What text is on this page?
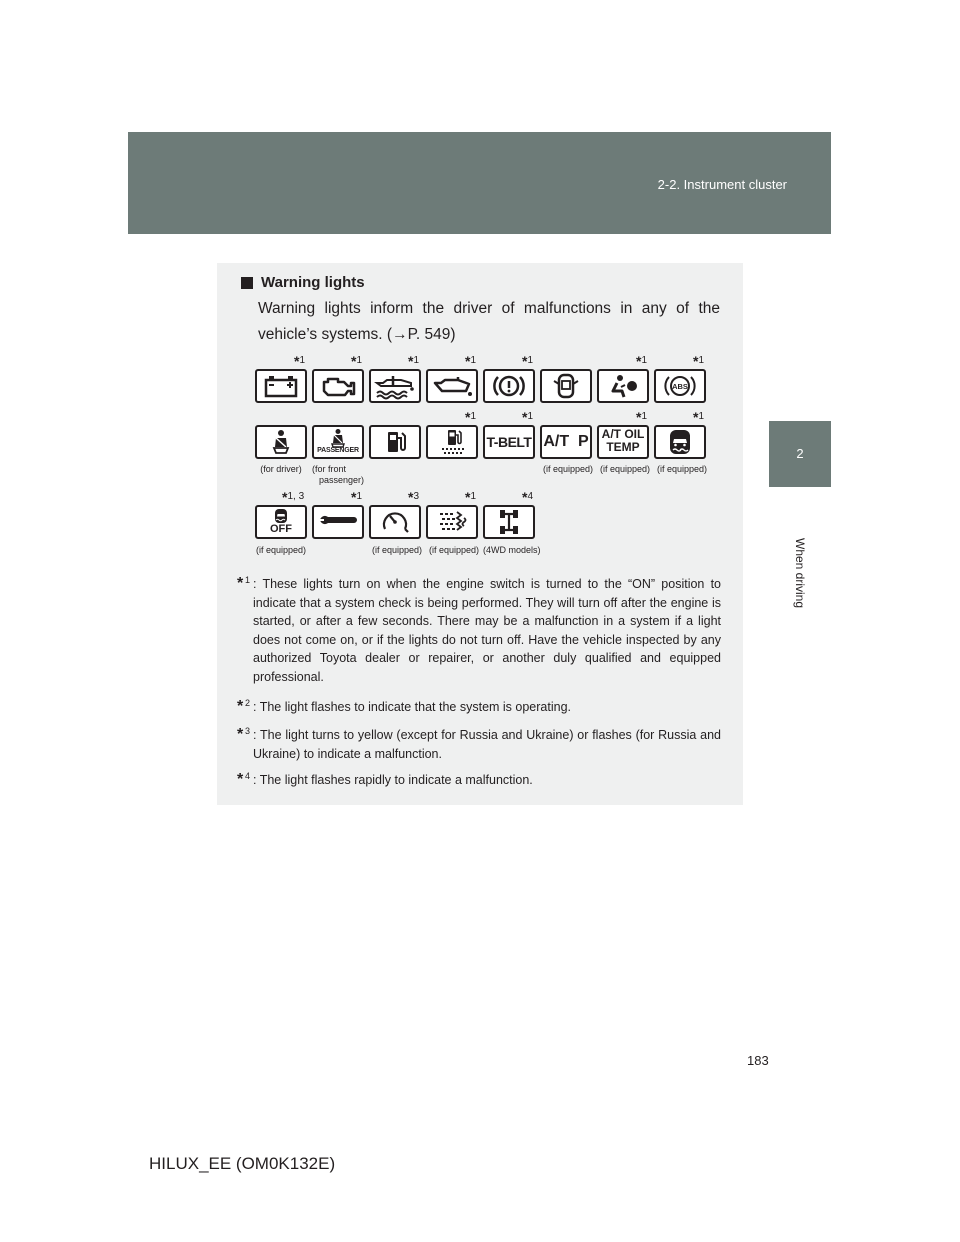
2-2. Instrument cluster
2
When driving
Warning lights
Warning lights inform the driver of malfunctions in any of the vehicle’s systems. (→P. 549)
*1	*1	*1	*1	*1	*1	*1
ABS
*1	*1	*1	*1
PASSENGER
T-BELT A/T  P A/T OIL
TEMP
(for driver)	(for front
passenger)
(if equipped) (if equipped) (if equipped)
*1, 3	*1	*3	*1	*4
OFF
(if equipped)	(if equipped) (if equipped) (4WD models)
* 1 : These lights turn on when the engine switch is turned to the “ON” position to indicate that a system check is being performed. They will turn off after the engine is started, or after a few seconds. There may be a malfunction in a system if a light does not come on, or if the lights do not turn off. Have the vehicle inspected by any authorized Toyota dealer or repairer, or another duly qualified and equipped professional.
* 2 : The light flashes to indicate that the system is operating.
* 3 : The light turns to yellow (except for Russia and Ukraine) or flashes (for Russia and Ukraine) to indicate a malfunction.
* 4 : The light flashes rapidly to indicate a malfunction.
183
HILUX_EE (OM0K132E)
